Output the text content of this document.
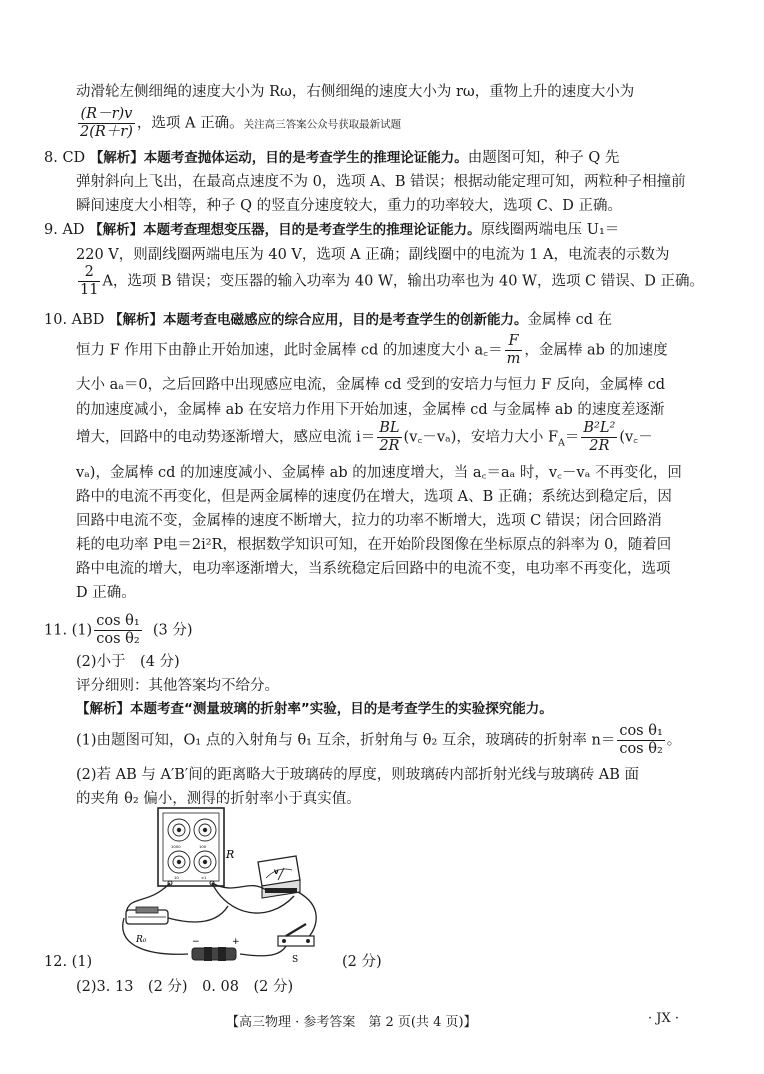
动滑轮左侧细绳的速度大小为 Rω，右侧细绳的速度大小为 rω，重物上升的速度大小为
$\frac{(R-r)v}{2(R+r)}$ ，选项 A 正确。关注高三答案公众号获取最新试题
8. CD 【解析】本题考查抛体运动，目的是考查学生的推理论证能力。由题图可知，种子 Q 先
弹射斜向上飞出，在最高点速度不为 0，选项 A、B 错误；根据动能定理可知，两粒种子相撞前
瞬间速度大小相等，种子 Q 的竖直分速度较大，重力的功率较大，选项 C、D 正确。
9. AD 【解析】本题考查理想变压器，目的是考查学生的推理论证能力。原线圈两端电压 U₁＝
220 V，则副线圈两端电压为 40 V，选项 A 正确；副线圈中的电流为 1 A，电流表的示数为
$\frac{2}{11}$ A，选项 B 错误；变压器的输入功率为 40 W，输出功率也为 40 W，选项 C 错误、D 正确。
10. ABD 【解析】本题考查电磁感应的综合应用，目的是考查学生的创新能力。金属棒 cd 在
恒力 F 作用下由静止开始加速，此时金属棒 cd 的加速度大小 a꜀＝ $\frac{F}{m}$ ，金属棒 ab 的加速度
大小 aₐ＝0，之后回路中出现感应电流，金属棒 cd 受到的安培力与恒力 F 反向，金属棒 cd
的加速度减小，金属棒 ab 在安培力作用下开始加速，金属棒 cd 与金属棒 ab 的速度差逐渐
增大，回路中的电动势逐渐增大，感应电流 $i= \frac{BL}{2R}$ (v꜀－vₐ)，安培力大小 $F_A= \frac{\text{B²L²}}{2R}$ (v꜀－
vₐ)，金属棒 cd 的加速度减小、金属棒 ab 的加速度增大，当 a꜀＝aₐ 时，v꜀－vₐ 不再变化，回
路中的电流不再变化，但是两金属棒的速度仍在增大，选项 A、B 正确；系统达到稳定后，因
回路中电流不变，金属棒的速度不断增大，拉力的功率不断增大，选项 C 错误；闭合回路消
耗的电功率 P电＝2i²R，根据数学知识可知，在开始阶段图像在坐标原点的斜率为 0，随着回
路中电流的增大，电功率逐渐增大，当系统稳定后回路中的电流不变，电功率不再变化，选项
D 正确。
11. $(1) \frac{\text{cos θ₁}}{\text{cos θ₂}} (3$ 分)
(2)小于　(4 分)
评分细则：其他答案均不给分。
【解析】本题考查“测量玻璃的折射率”实验，目的是考查学生的实验探究能力。
(1)由题图可知，O₁ 点的入射角与 θ₁ 互余，折射角与 θ₂ 互余，玻璃砖的折射率 $n= \frac{\text{cos θ₁}}{\text{cos θ₂}}$ 。
(2)若 AB 与 A′B′间的距离略大于玻璃砖的厚度，则玻璃砖内部折射光线与玻璃砖 AB 面
的夹角 θ₂ 偏小，测得的折射率小于真实值。
1000	100
10	×1
R
V
R₀	−	+
S
12. (1)	(2 分)
(2)3. 13　(2 分)　0. 08　(2 分)
【高三物理 · 参考答案　第 2 页(共 4 页)】	· JX ·
